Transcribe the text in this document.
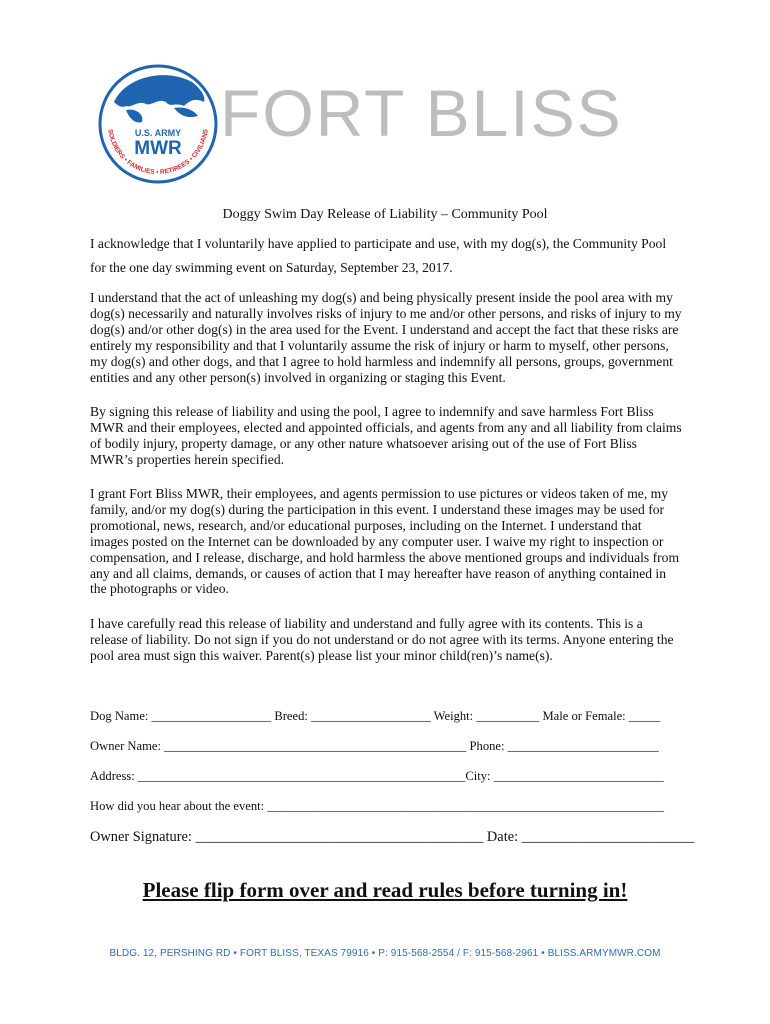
U.S. ARMY
MWR
SOLDIERS • FAMILIES • RETIREES • CIVILIANS FORT BLISS
Doggy Swim Day Release of Liability – Community Pool

I acknowledge that I voluntarily have applied to participate and use, with my dog(s), the Community Pool for the one day swimming event on Saturday, September 23, 2017.

I understand that the act of unleashing my dog(s) and being physically present inside the pool area with my dog(s) necessarily and naturally involves risks of injury to me and/or other persons, and risks of injury to my dog(s) and/or other dog(s) in the area used for the Event. I understand and accept the fact that these risks are entirely my responsibility and that I voluntarily assume the risk of injury or harm to myself, other persons, my dog(s) and other dogs, and that I agree to hold harmless and indemnify all persons, groups, government entities and any other person(s) involved in organizing or staging this Event.

By signing this release of liability and using the pool, I agree to indemnify and save harmless Fort Bliss MWR and their employees, elected and appointed officials, and agents from any and all liability from claims of bodily injury, property damage, or any other nature whatsoever arising out of the use of Fort Bliss MWR’s properties herein specified.

I grant Fort Bliss MWR, their employees, and agents permission to use pictures or videos taken of me, my family, and/or my dog(s) during the participation in this event. I understand these images may be used for promotional, news, research, and/or educational purposes, including on the Internet. I understand that images posted on the Internet can be downloaded by any computer user. I waive my right to inspection or compensation, and I release, discharge, and hold harmless the above mentioned groups and individuals from any and all claims, demands, or causes of action that I may hereafter have reason of anything contained in the photographs or video.

I have carefully read this release of liability and understand and fully agree with its contents. This is a release of liability. Do not sign if you do not understand or do not agree with its terms. Anyone entering the pool area must sign this waiver. Parent(s) please list your minor child(ren)’s name(s).

Dog Name: ___________________ Breed: ___________________ Weight: __________ Male or Female: _____
Owner Name: ________________________________________________ Phone: ________________________
Address: ____________________________________________________City: ___________________________
How did you hear about the event: _______________________________________________________________
Owner Signature: ________________________________________ Date: ________________________
Please flip form over and read rules before turning in!
BLDG. 12, PERSHING RD • FORT BLISS, TEXAS 79916 • P: 915-568-2554 / F: 915-568-2961 • BLISS.ARMYMWR.COM
